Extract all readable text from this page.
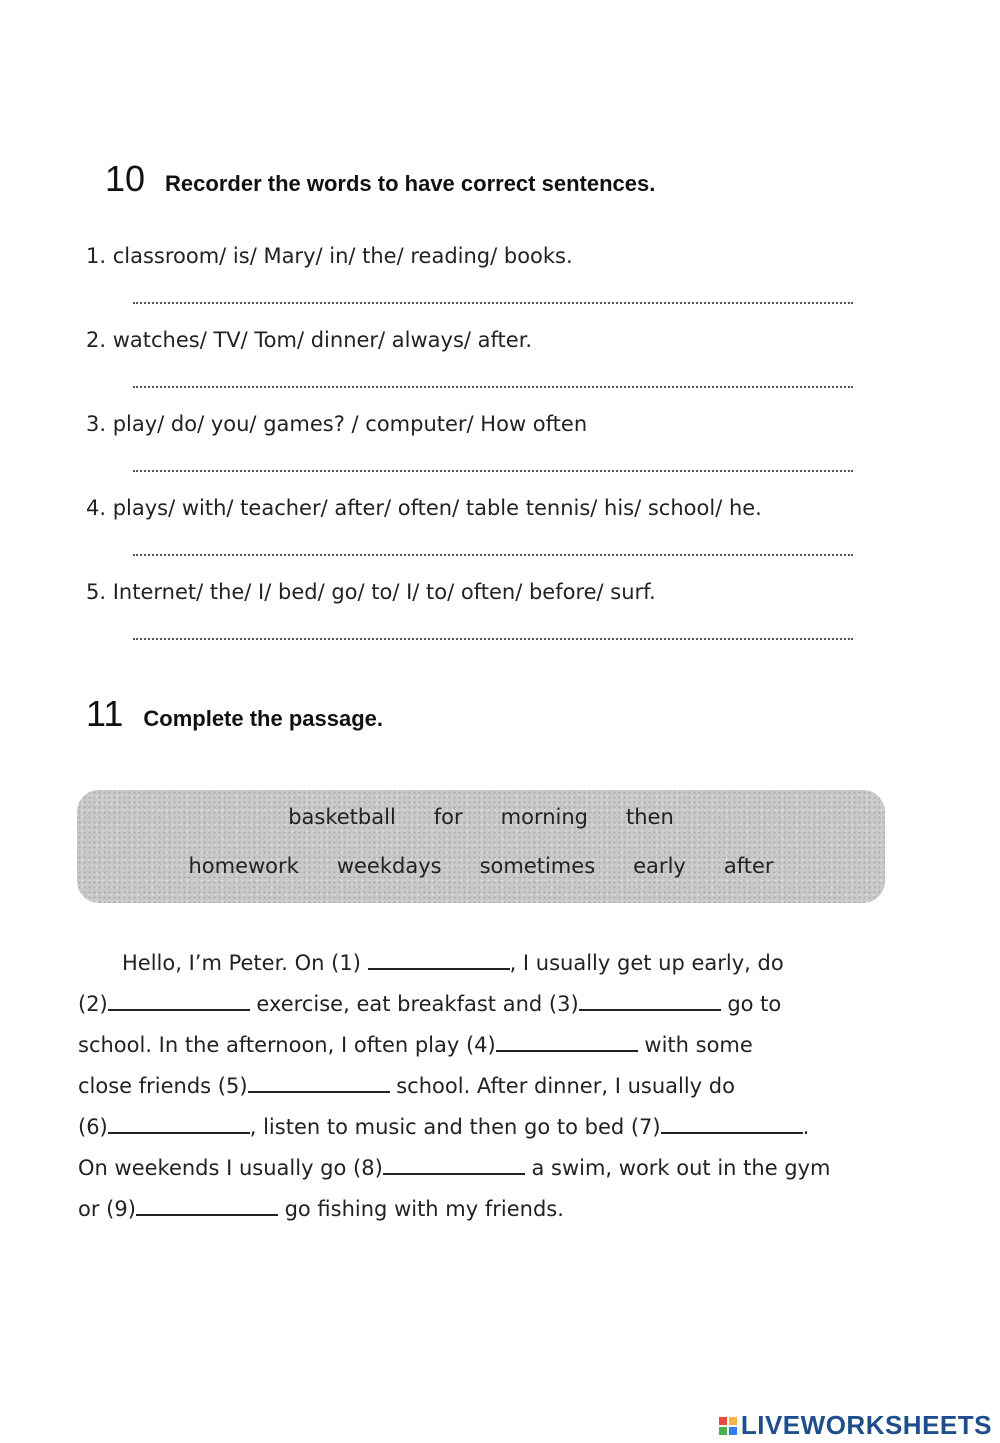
10 Recorder the words to have correct sentences.
1. classroom/ is/ Mary/ in/ the/ reading/ books.
2. watches/ TV/ Tom/ dinner/ always/ after.
3. play/ do/ you/ games? / computer/ How often
4. plays/ with/ teacher/ after/ often/ table tennis/ his/ school/ he.
5. Internet/ the/ I/ bed/ go/ to/ I/ to/ often/ before/ surf.
11 Complete the passage.
basketball for morning then
homework weekdays sometimes early after
Hello, I’m Peter. On (1)	, I usually get up early, do
(2)	exercise, eat breakfast and (3)	go to
school. In the afternoon, I often play (4)	with some
close friends (5)	school. After dinner, I usually do
(6)	, listen to music and then go to bed (7)	.
On weekends I usually go (8)	a swim, work out in the gym
or (9)	go fishing with my friends.
LIVEWORKSHEETS
